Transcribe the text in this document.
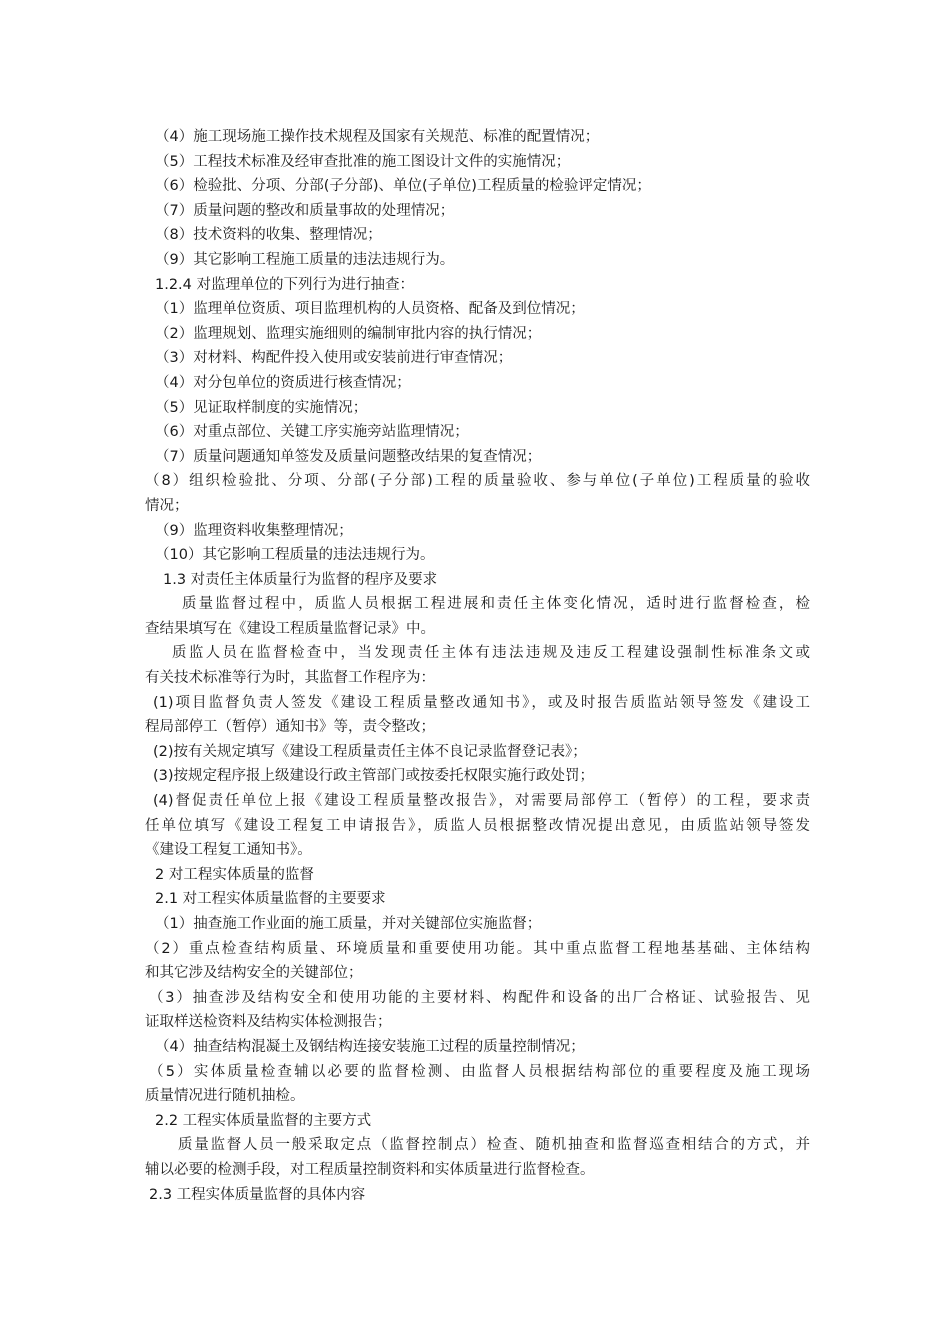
（4）施工现场施工操作技术规程及国家有关规范、标准的配置情况；
（5）工程技术标准及经审查批准的施工图设计文件的实施情况；
（6）检验批、分项、分部(子分部)、单位(子单位)工程质量的检验评定情况；
（7）质量问题的整改和质量事故的处理情况；
（8）技术资料的收集、整理情况；
（9）其它影响工程施工质量的违法违规行为。
1.2.4 对监理单位的下列行为进行抽查：
（1）监理单位资质、项目监理机构的人员资格、配备及到位情况；
（2）监理规划、监理实施细则的编制审批内容的执行情况；
（3）对材料、构配件投入使用或安装前进行审查情况；
（4）对分包单位的资质进行核查情况；
（5）见证取样制度的实施情况；
（6）对重点部位、关键工序实施旁站监理情况；
（7）质量问题通知单签发及质量问题整改结果的复查情况；
（8）组织检验批、分项、分部(子分部)工程的质量验收、参与单位(子单位)工程质量的验收
情况；
（9）监理资料收集整理情况；
（10）其它影响工程质量的违法违规行为。
1.3 对责任主体质量行为监督的程序及要求
质量监督过程中，质监人员根据工程进展和责任主体变化情况，适时进行监督检查，检
查结果填写在《建设工程质量监督记录》中。
质监人员在监督检查中，当发现责任主体有违法违规及违反工程建设强制性标准条文或
有关技术标准等行为时，其监督工作程序为：
(1)项目监督负责人签发《建设工程质量整改通知书》，或及时报告质监站领导签发《建设工
程局部停工（暂停）通知书》等，责令整改；
(2)按有关规定填写《建设工程质量责任主体不良记录监督登记表》；
(3)按规定程序报上级建设行政主管部门或按委托权限实施行政处罚；
(4)督促责任单位上报《建设工程质量整改报告》，对需要局部停工（暂停）的工程，要求责
任单位填写《建设工程复工申请报告》，质监人员根据整改情况提出意见，由质监站领导签发
《建设工程复工通知书》。
2 对工程实体质量的监督
2.1 对工程实体质量监督的主要要求
（1）抽查施工作业面的施工质量，并对关键部位实施监督；
（2）重点检查结构质量、环境质量和重要使用功能。其中重点监督工程地基基础、主体结构
和其它涉及结构安全的关键部位；
（3）抽查涉及结构安全和使用功能的主要材料、构配件和设备的出厂合格证、试验报告、见
证取样送检资料及结构实体检测报告；
（4）抽查结构混凝土及钢结构连接安装施工过程的质量控制情况；
（5）实体质量检查辅以必要的监督检测、由监督人员根据结构部位的重要程度及施工现场
质量情况进行随机抽检。
2.2 工程实体质量监督的主要方式
质量监督人员一般采取定点（监督控制点）检查、随机抽查和监督巡查相结合的方式，并
辅以必要的检测手段，对工程质量控制资料和实体质量进行监督检查。
2.3 工程实体质量监督的具体内容
